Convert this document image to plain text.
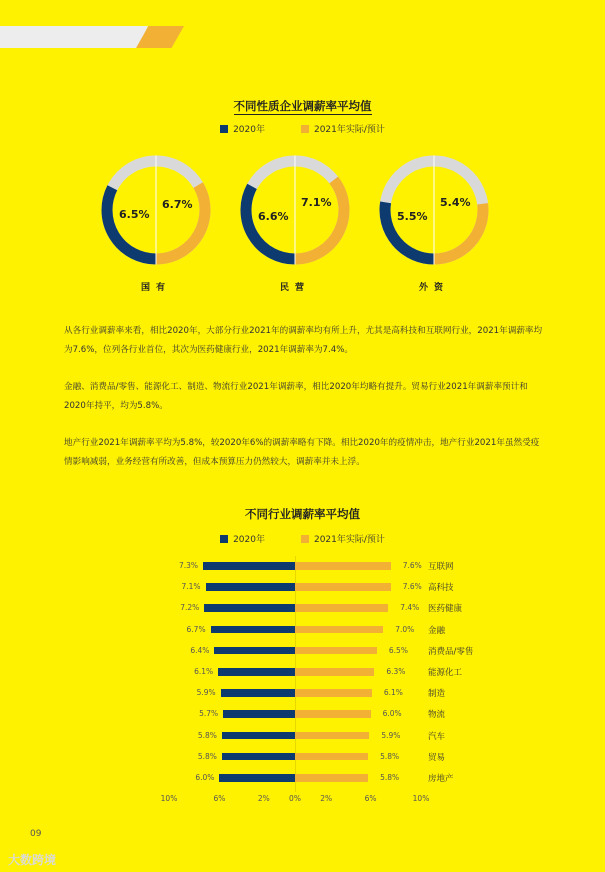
不同性质企业调薪率平均值
2020年	2021年实际/预计
6.5%
6.7%
6.6%
7.1%
5.5%
5.4%
国有	民营	外资

从各行业调薪率来看，相比2020年，大部分行业2021年的调薪率均有所上升，尤其是高科技和互联网行业，2021年调薪率均为7.6%，位列各行业首位，其次为医药健康行业，2021年调薪率为7.4%。

金融、消费品/零售、能源化工、制造、物流行业2021年调薪率，相比2020年均略有提升。贸易行业2021年调薪率预计和2020年持平，均为5.8%。

地产行业2021年调薪率平均为5.8%，较2020年6%的调薪率略有下降。相比2020年的疫情冲击，地产行业2021年虽然受疫情影响减弱，业务经营有所改善，但成本预算压力仍然较大，调薪率并未上浮。

不同行业调薪率平均值
2020年	2021年实际/预计
7.3%	7.6% 互联网
7.1%	7.6% 高科技
7.2%	7.4% 医药健康
6.7%	7.0% 金融
6.4%	6.5% 消费品/零售
6.1%	6.3%	能源化工
5.9%	6.1%	制造
5.7%	6.0%	物流
5.8%	5.9%	汽车
5.8%	5.8%	贸易
6.0%	5.8%	房地产
10%	6%	2%	0%	2%	6%	10%
09
大数跨境
